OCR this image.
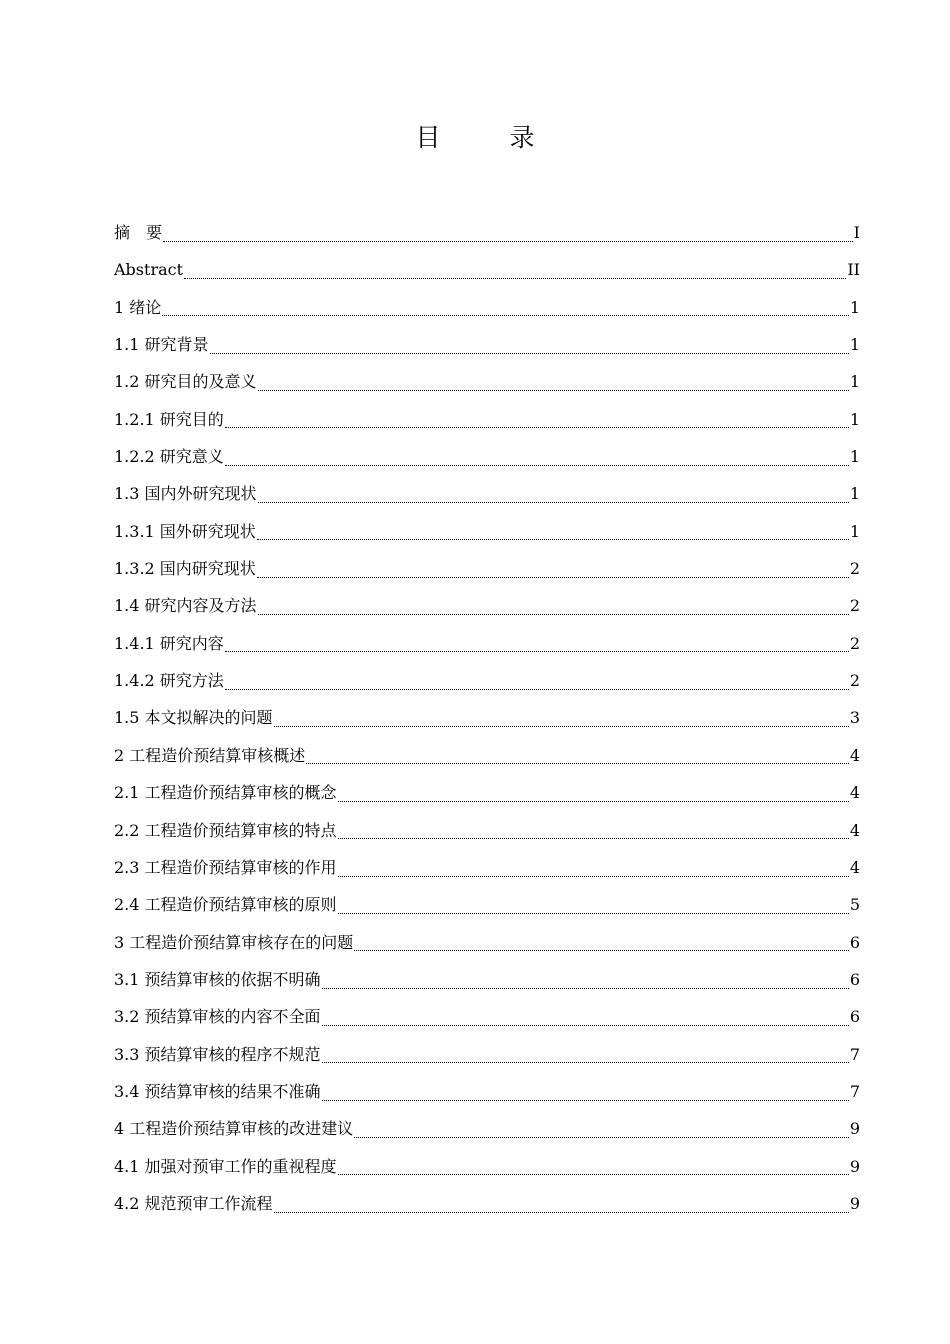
目　录
摘　要	I
Abstract	II
1 绪论	1
1.1 研究背景	1
1.2 研究目的及意义	1
1.2.1 研究目的	1
1.2.2 研究意义	1
1.3 国内外研究现状	1
1.3.1 国外研究现状	1
1.3.2 国内研究现状	2
1.4 研究内容及方法	2
1.4.1 研究内容	2
1.4.2 研究方法	2
1.5 本文拟解决的问题	3
2 工程造价预结算审核概述	4
2.1 工程造价预结算审核的概念	4
2.2 工程造价预结算审核的特点	4
2.3 工程造价预结算审核的作用	4
2.4 工程造价预结算审核的原则	5
3 工程造价预结算审核存在的问题	6
3.1 预结算审核的依据不明确	6
3.2 预结算审核的内容不全面	6
3.3 预结算审核的程序不规范	7
3.4 预结算审核的结果不准确	7
4 工程造价预结算审核的改进建议	9
4.1 加强对预审工作的重视程度	9
4.2 规范预审工作流程	9
